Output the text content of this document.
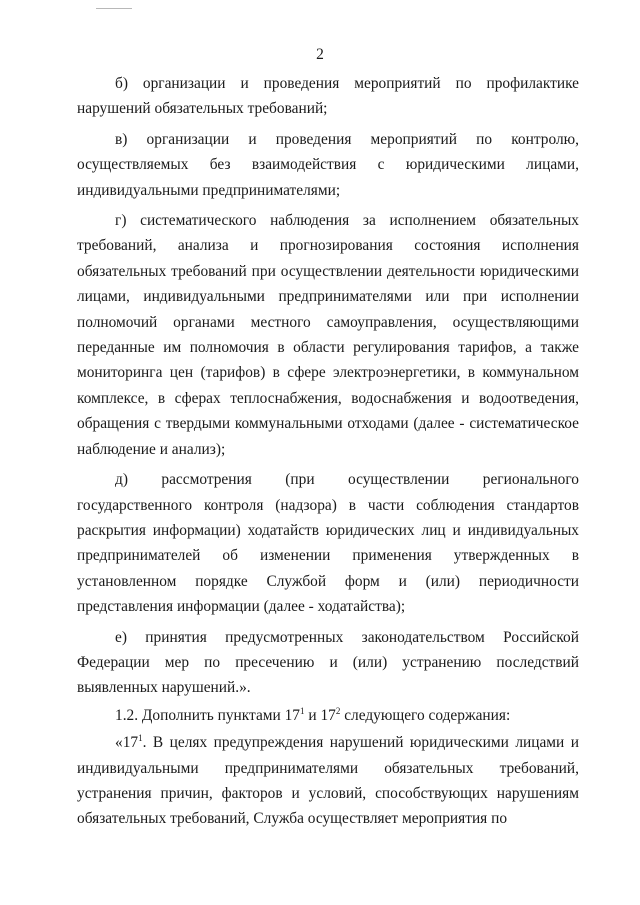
2

б) организации и проведения мероприятий по профилактике нарушений обязательных требований;

в) организации и проведения мероприятий по контролю, осуществляемых без взаимодействия с юридическими лицами, индивидуальными предпринимателями;

г) систематического наблюдения за исполнением обязательных требований, анализа и прогнозирования состояния исполнения обязательных требований при осуществлении деятельности юридическими лицами, индивидуальными предпринимателями или при исполнении полномочий органами местного самоуправления, осуществляющими переданные им полномочия в области регулирования тарифов, а также мониторинга цен (тарифов) в сфере электроэнергетики, в коммунальном комплексе, в сферах теплоснабжения, водоснабжения и водоотведения, обращения с твердыми коммунальными отходами (далее - систематическое наблюдение и анализ);

д) рассмотрения (при осуществлении регионального государственного контроля (надзора) в части соблюдения стандартов раскрытия информации) ходатайств юридических лиц и индивидуальных предпринимателей об изменении применения утвержденных в установленном порядке Службой форм и (или) периодичности представления информации (далее - ходатайства);

е) принятия предусмотренных законодательством Российской Федерации мер по пресечению и (или) устранению последствий выявленных нарушений.».

1.2. Дополнить пунктами $17^1$ и $17^2$ следующего содержания:

«$17^1$. В целях предупреждения нарушений юридическими лицами и индивидуальными предпринимателями обязательных требований, устранения причин, факторов и условий, способствующих нарушениям обязательных требований, Служба осуществляет мероприятия по
